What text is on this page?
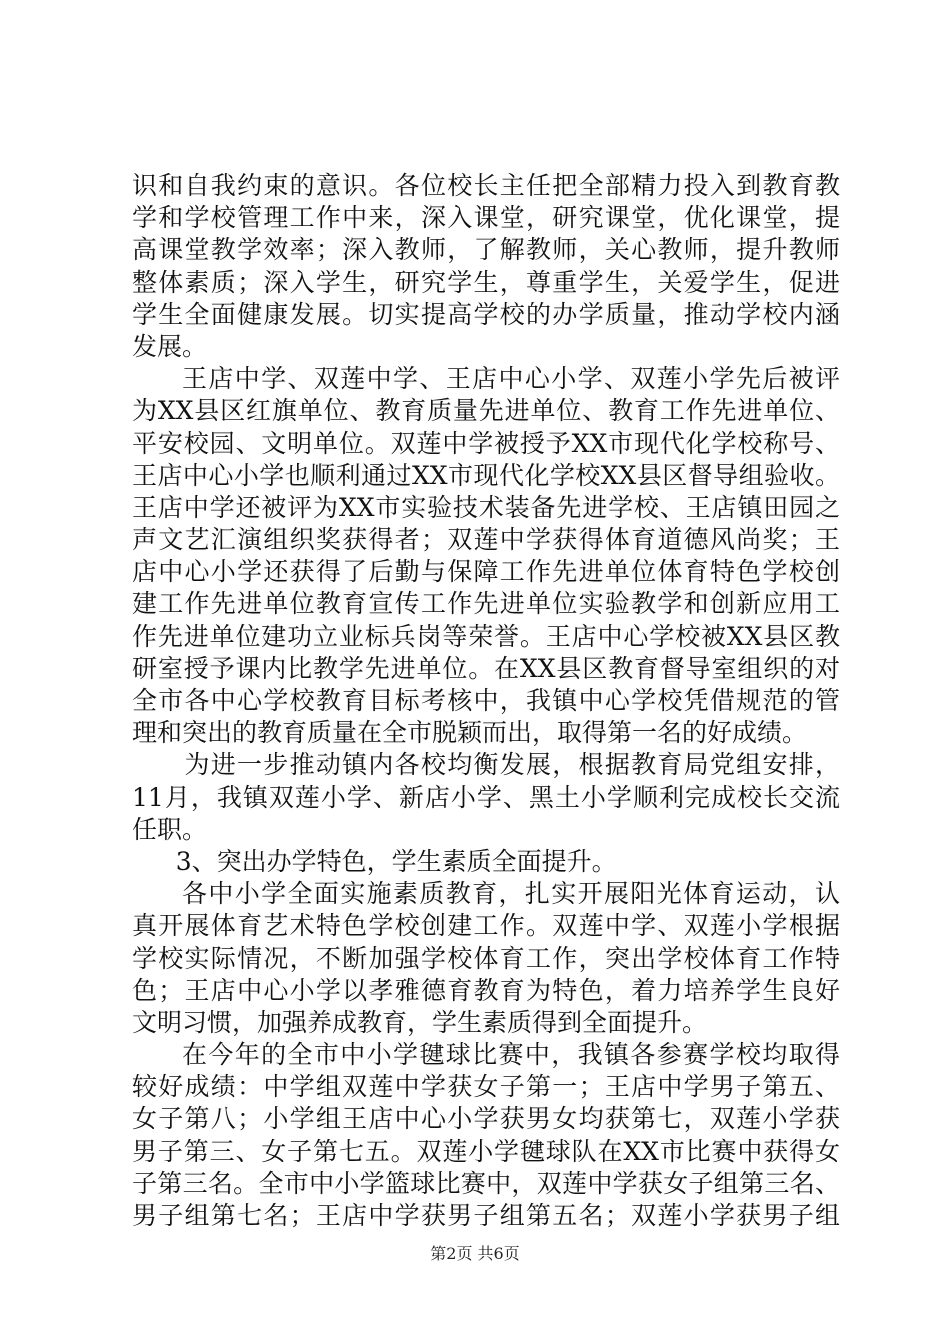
识和自我约束的意识。各位校长主任把全部精力投入到教育教
学和学校管理工作中来，深入课堂，研究课堂，优化课堂，提
高课堂教学效率；深入教师，了解教师，关心教师，提升教师
整体素质；深入学生，研究学生，尊重学生，关爱学生，促进
学生全面健康发展。切实提高学校的办学质量，推动学校内涵
发展。
王店中学、双莲中学、王店中心小学、双莲小学先后被评
为XX县区红旗单位、教育质量先进单位、教育工作先进单位、
平安校园、文明单位。双莲中学被授予XX市现代化学校称号、
王店中心小学也顺利通过XX市现代化学校XX县区督导组验收。
王店中学还被评为XX市实验技术装备先进学校、王店镇田园之
声文艺汇演组织奖获得者；双莲中学获得体育道德风尚奖；王
店中心小学还获得了后勤与保障工作先进单位体育特色学校创
建工作先进单位教育宣传工作先进单位实验教学和创新应用工
作先进单位建功立业标兵岗等荣誉。王店中心学校被XX县区教
研室授予课内比教学先进单位。在XX县区教育督导室组织的对
全市各中心学校教育目标考核中，我镇中心学校凭借规范的管
理和突出的教育质量在全市脱颖而出，取得第一名的好成绩。
为进一步推动镇内各校均衡发展，根据教育局党组安排，
11月，我镇双莲小学、新店小学、黑土小学顺利完成校长交流
任职。
3、突出办学特色，学生素质全面提升。
各中小学全面实施素质教育，扎实开展阳光体育运动，认
真开展体育艺术特色学校创建工作。双莲中学、双莲小学根据
学校实际情况，不断加强学校体育工作，突出学校体育工作特
色；王店中心小学以孝雅德育教育为特色，着力培养学生良好
文明习惯，加强养成教育，学生素质得到全面提升。
在今年的全市中小学毽球比赛中，我镇各参赛学校均取得
较好成绩：中学组双莲中学获女子第一；王店中学男子第五、
女子第八；小学组王店中心小学获男女均获第七，双莲小学获
男子第三、女子第七五。双莲小学毽球队在XX市比赛中获得女
子第三名。全市中小学篮球比赛中，双莲中学获女子组第三名、
男子组第七名；王店中学获男子组第五名；双莲小学获男子组
第2页 共6页
